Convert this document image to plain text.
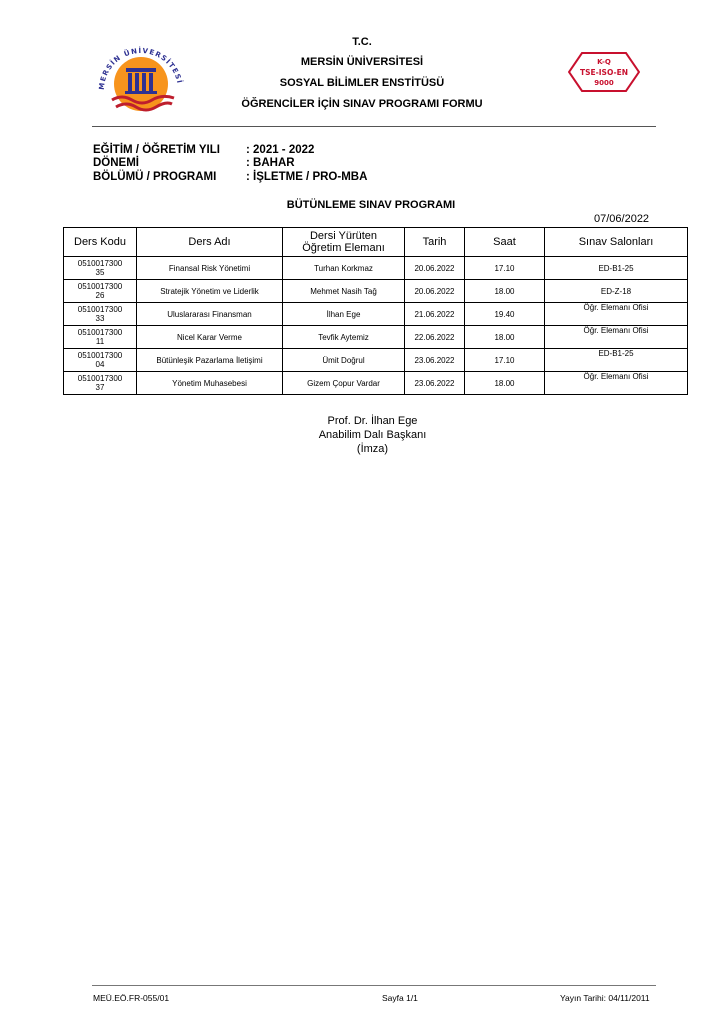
MERSİN ÜNİVERSİTESİ
T.C.
MERSİN ÜNİVERSİTESİ
SOSYAL BİLİMLER ENSTİTÜSÜ
ÖĞRENCİLER İÇİN SINAV PROGRAMI FORMU
K-Q
TSE-ISO-EN
9000
EĞİTİM / ÖĞRETİM YILI : 2021 - 2022
DÖNEMİ	: BAHAR
BÖLÜMÜ / PROGRAMI	: İŞLETME / PRO-MBA
BÜTÜNLEME SINAV PROGRAMI
07/06/2022
Ders Kodu	Ders Adı	Dersi Yürüten
Öğretim Elemanı	Tarih	Saat	Sınav Salonları

0510017300
35	Finansal Risk Yönetimi	Turhan Korkmaz	20.06.2022	17.10	ED-B1-25

0510017300
26	Stratejik Yönetim ve Liderlik	Mehmet Nasih Tağ	20.06.2022	18.00	ED-Z-18

0510017300
33	Uluslararası Finansman	İlhan Ege	21.06.2022	19.40	Öğr. Elemanı Ofisi

0510017300
11	Nicel Karar Verme	Tevfik Aytemiz	22.06.2022	18.00	Öğr. Elemanı Ofisi

0510017300
04	Bütünleşik Pazarlama İletişimi	Ümit Doğrul	23.06.2022	17.10	ED-B1-25

0510017300
37	Yönetim Muhasebesi	Gizem Çopur Vardar	23.06.2022	18.00	Öğr. Elemanı Ofisi
Prof. Dr. İlhan Ege
Anabilim Dalı Başkanı
(İmza)
MEÜ.EÖ.FR-055/01	Sayfa 1/1	Yayın Tarihi: 04/11/2011
